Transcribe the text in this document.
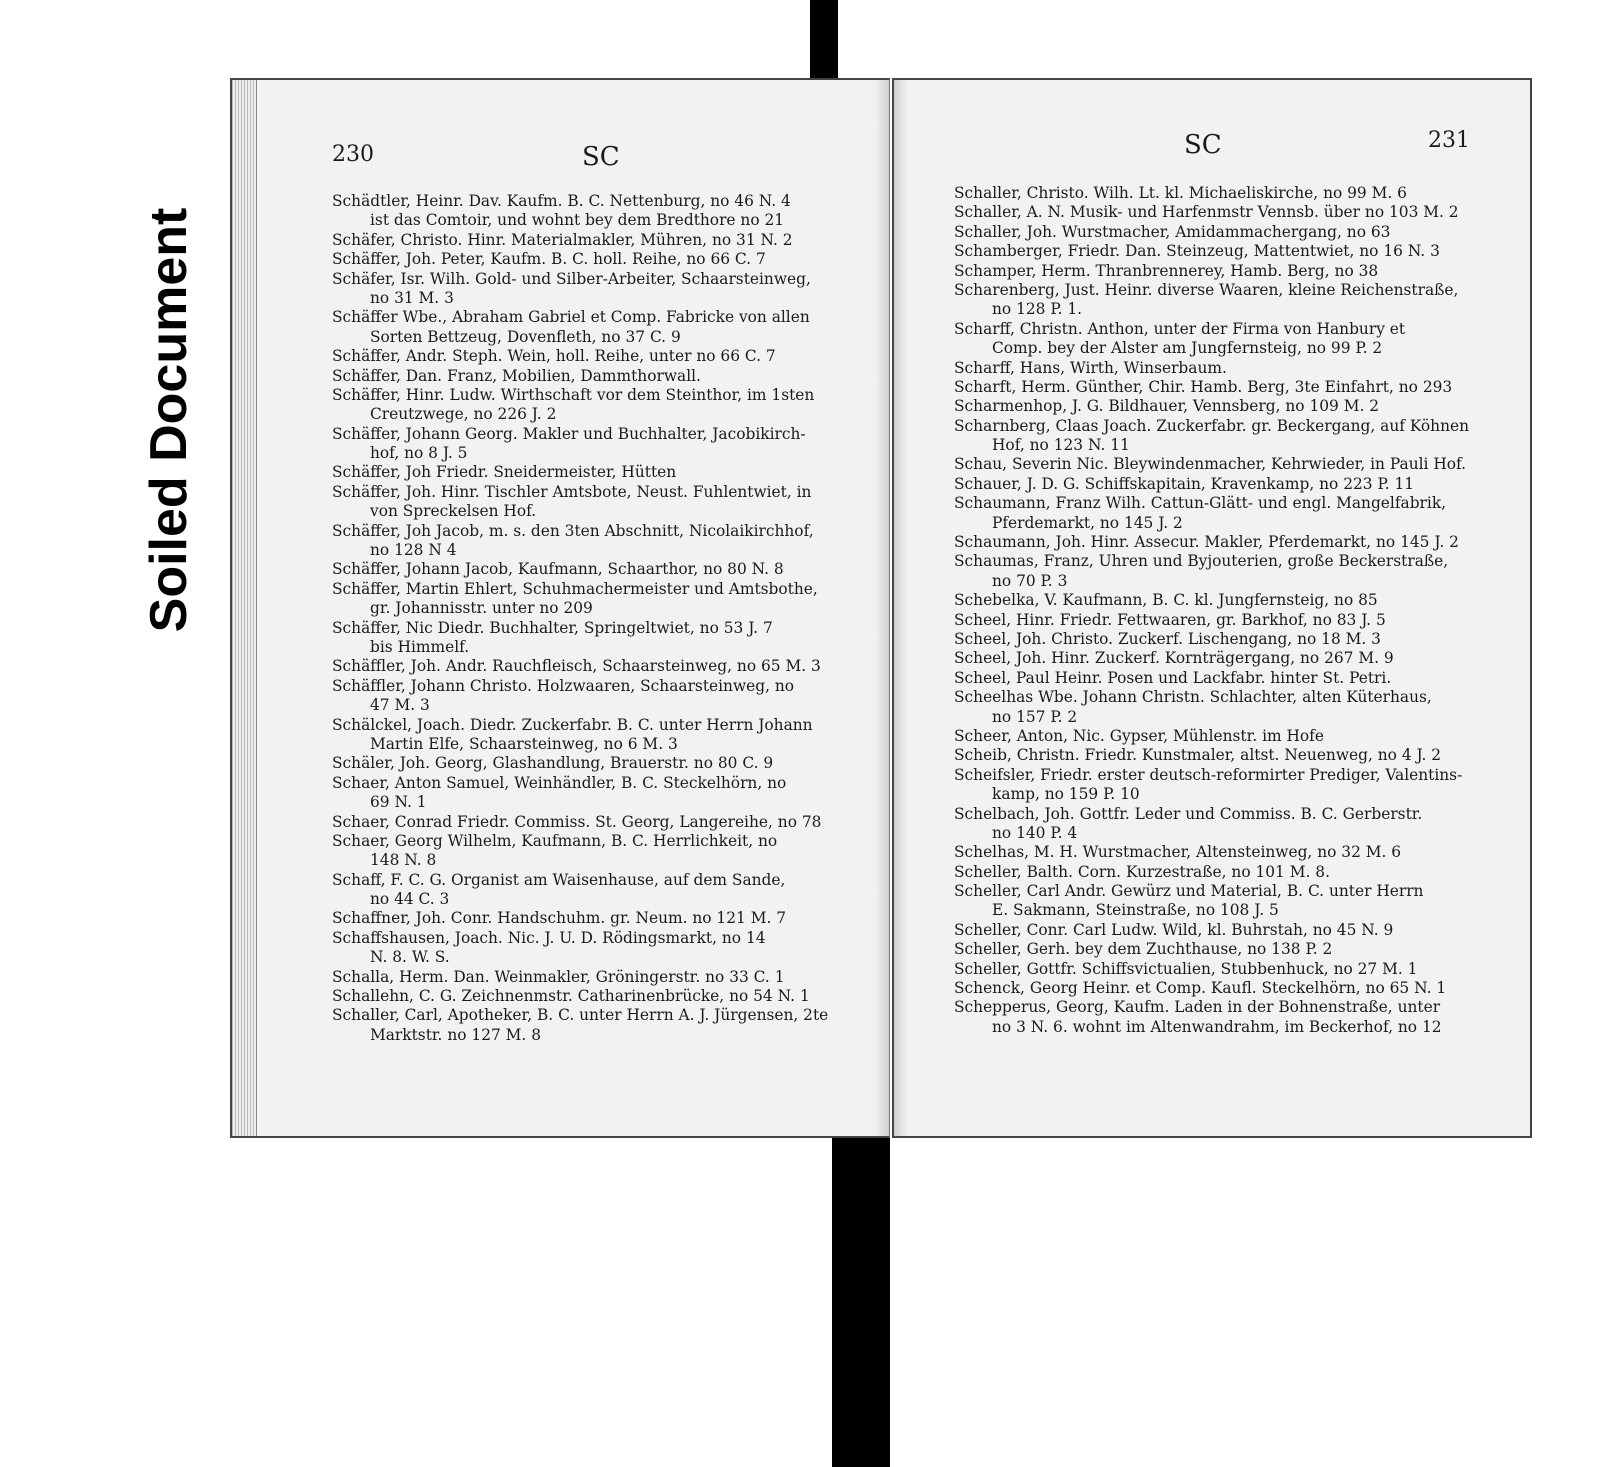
Soiled Document
230	SC
Schädtler, Heinr. Dav. Kaufm. B. C. Nettenburg, no 46 N. 4
ist das Comtoir, und wohnt bey dem Bredthore no 21
Schäfer, Christo. Hinr. Materialmakler, Mühren, no 31 N. 2
Schäffer, Joh. Peter, Kaufm. B. C. holl. Reihe, no 66 C. 7
Schäfer, Isr. Wilh. Gold- und Silber-Arbeiter, Schaarsteinweg,
no 31 M. 3
Schäffer Wbe., Abraham Gabriel et Comp. Fabricke von allen
Sorten Bettzeug, Dovenfleth, no 37 C. 9
Schäffer, Andr. Steph. Wein, holl. Reihe, unter no 66 C. 7
Schäffer, Dan. Franz, Mobilien, Dammthorwall.
Schäffer, Hinr. Ludw. Wirthschaft vor dem Steinthor, im 1sten
Creutzwege, no 226 J. 2
Schäffer, Johann Georg. Makler und Buchhalter, Jacobikirch-
hof, no 8 J. 5
Schäffer, Joh Friedr. Sneidermeister, Hütten
Schäffer, Joh. Hinr. Tischler Amtsbote, Neust. Fuhlentwiet, in
von Spreckelsen Hof.
Schäffer, Joh Jacob, m. s. den 3ten Abschnitt, Nicolaikirchhof,
no 128 N 4
Schäffer, Johann Jacob, Kaufmann, Schaarthor, no 80 N. 8
Schäffer, Martin Ehlert, Schuhmachermeister und Amtsbothe,
gr. Johannisstr. unter no 209
Schäffer, Nic Diedr. Buchhalter, Springeltwiet, no 53 J. 7
bis Himmelf.
Schäffler, Joh. Andr. Rauchfleisch, Schaarsteinweg, no 65 M. 3
Schäffler, Johann Christo. Holzwaaren, Schaarsteinweg, no
47 M. 3
Schälckel, Joach. Diedr. Zuckerfabr. B. C. unter Herrn Johann
Martin Elfe, Schaarsteinweg, no 6 M. 3
Schäler, Joh. Georg, Glashandlung, Brauerstr. no 80 C. 9
Schaer, Anton Samuel, Weinhändler, B. C. Steckelhörn, no
69 N. 1
Schaer, Conrad Friedr. Commiss. St. Georg, Langereihe, no 78
Schaer, Georg Wilhelm, Kaufmann, B. C. Herrlichkeit, no
148 N. 8
Schaff, F. C. G. Organist am Waisenhause, auf dem Sande,
no 44 C. 3
Schaffner, Joh. Conr. Handschuhm. gr. Neum. no 121 M. 7
Schaffshausen, Joach. Nic. J. U. D. Rödingsmarkt, no 14
N. 8. W. S.
Schalla, Herm. Dan. Weinmakler, Gröningerstr. no 33 C. 1
Schallehn, C. G. Zeichnenmstr. Catharinenbrücke, no 54 N. 1
Schaller, Carl, Apotheker, B. C. unter Herrn A. J. Jürgensen, 2te
Marktstr. no 127 M. 8
SC	231
Schaller, Christo. Wilh. Lt. kl. Michaeliskirche, no 99 M. 6
Schaller, A. N. Musik- und Harfenmstr Vennsb. über no 103 M. 2
Schaller, Joh. Wurstmacher, Amidammachergang, no 63
Schamberger, Friedr. Dan. Steinzeug, Mattentwiet, no 16 N. 3
Schamper, Herm. Thranbrennerey, Hamb. Berg, no 38
Scharenberg, Just. Heinr. diverse Waaren, kleine Reichenstraße,
no 128 P. 1.
Scharff, Christn. Anthon, unter der Firma von Hanbury et
Comp. bey der Alster am Jungfernsteig, no 99 P. 2
Scharff, Hans, Wirth, Winserbaum.
Scharft, Herm. Günther, Chir. Hamb. Berg, 3te Einfahrt, no 293
Scharmenhop, J. G. Bildhauer, Vennsberg, no 109 M. 2
Scharnberg, Claas Joach. Zuckerfabr. gr. Beckergang, auf Köhnen
Hof, no 123 N. 11
Schau, Severin Nic. Bleywindenmacher, Kehrwieder, in Pauli Hof.
Schauer, J. D. G. Schiffskapitain, Kravenkamp, no 223 P. 11
Schaumann, Franz Wilh. Cattun-Glätt- und engl. Mangelfabrik,
Pferdemarkt, no 145 J. 2
Schaumann, Joh. Hinr. Assecur. Makler, Pferdemarkt, no 145 J. 2
Schaumas, Franz, Uhren und Byjouterien, große Beckerstraße,
no 70 P. 3
Schebelka, V. Kaufmann, B. C. kl. Jungfernsteig, no 85
Scheel, Hinr. Friedr. Fettwaaren, gr. Barkhof, no 83 J. 5
Scheel, Joh. Christo. Zuckerf. Lischengang, no 18 M. 3
Scheel, Joh. Hinr. Zuckerf. Kornträgergang, no 267 M. 9
Scheel, Paul Heinr. Posen und Lackfabr. hinter St. Petri.
Scheelhas Wbe. Johann Christn. Schlachter, alten Küterhaus,
no 157 P. 2
Scheer, Anton, Nic. Gypser, Mühlenstr. im Hofe
Scheib, Christn. Friedr. Kunstmaler, altst. Neuenweg, no 4 J. 2
Scheifsler, Friedr. erster deutsch-reformirter Prediger, Valentins-
kamp, no 159 P. 10
Schelbach, Joh. Gottfr. Leder und Commiss. B. C. Gerberstr.
no 140 P. 4
Schelhas, M. H. Wurstmacher, Altensteinweg, no 32 M. 6
Scheller, Balth. Corn. Kurzestraße, no 101 M. 8.
Scheller, Carl Andr. Gewürz und Material, B. C. unter Herrn
E. Sakmann, Steinstraße, no 108 J. 5
Scheller, Conr. Carl Ludw. Wild, kl. Buhrstah, no 45 N. 9
Scheller, Gerh. bey dem Zuchthause, no 138 P. 2
Scheller, Gottfr. Schiffsvictualien, Stubbenhuck, no 27 M. 1
Schenck, Georg Heinr. et Comp. Kaufl. Steckelhörn, no 65 N. 1
Schepperus, Georg, Kaufm. Laden in der Bohnenstraße, unter
no 3 N. 6. wohnt im Altenwandrahm, im Beckerhof, no 12
